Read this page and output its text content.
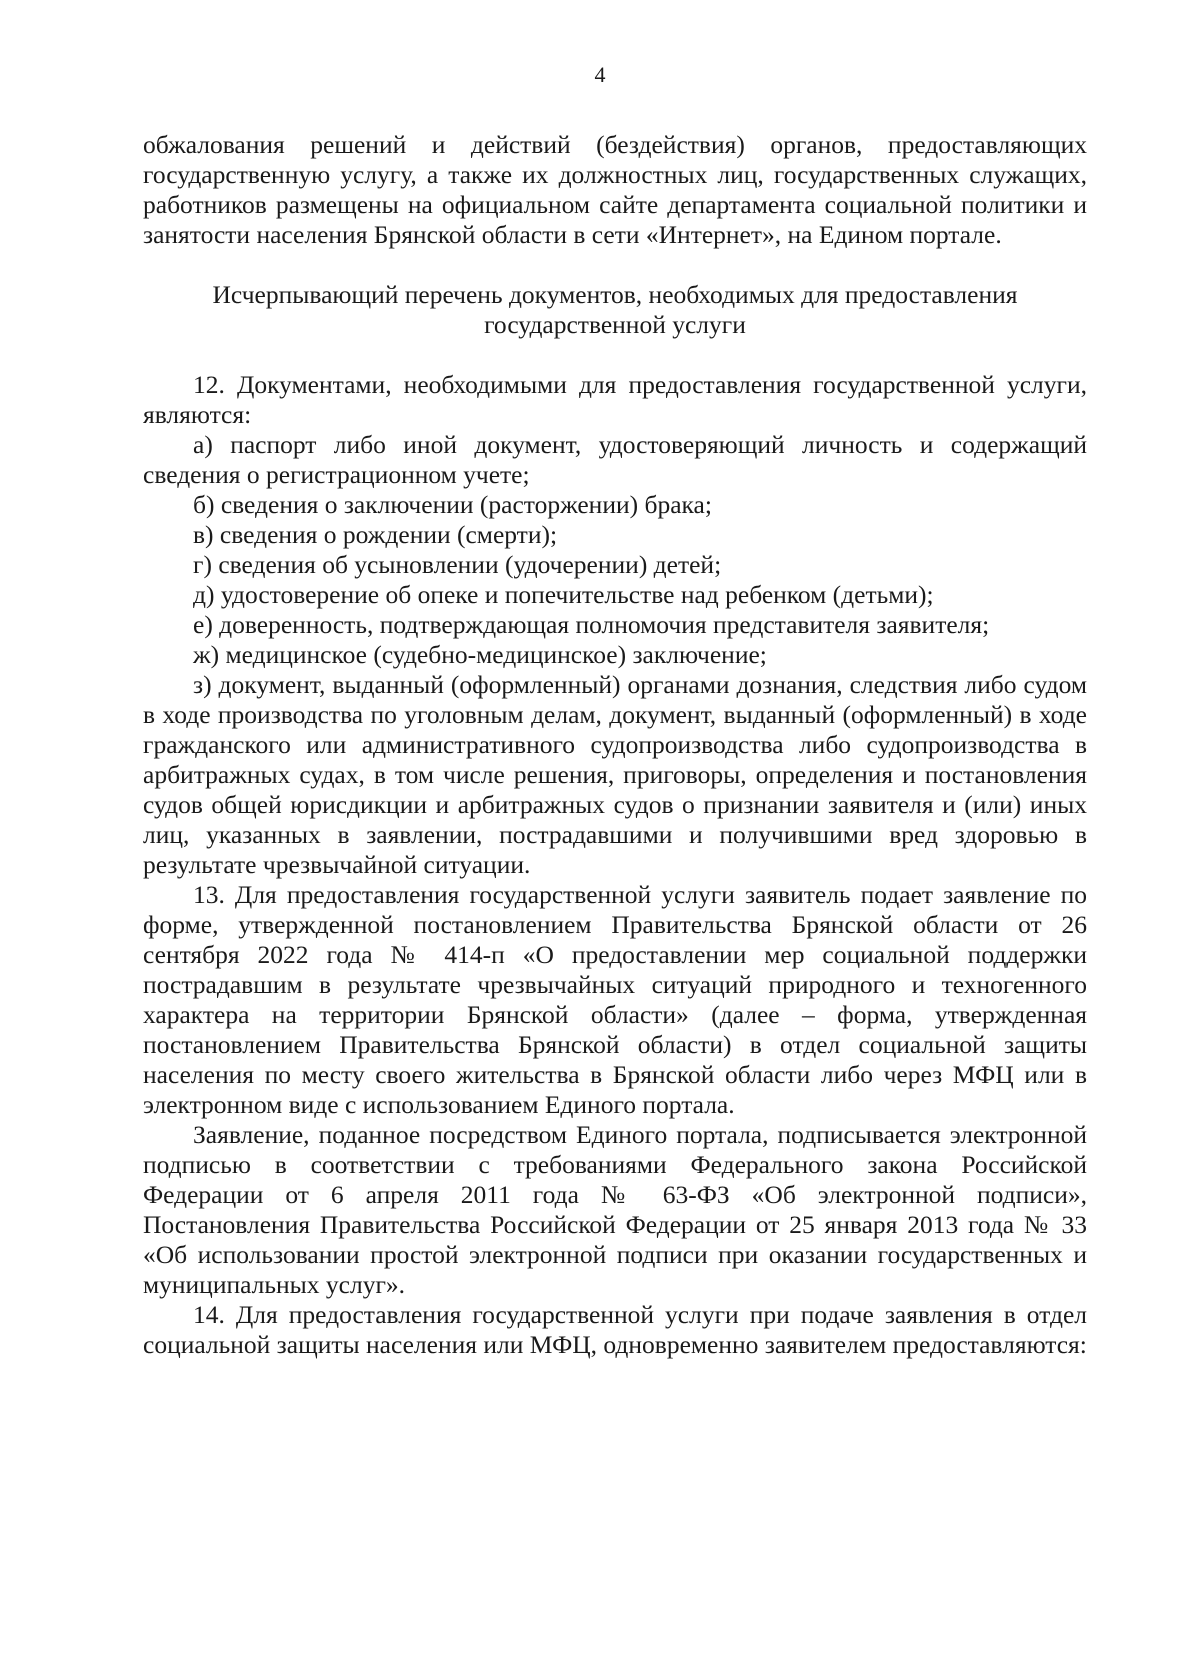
4

обжалования решений и действий (бездействия) органов, предоставляющих государственную услугу, а также их должностных лиц, государственных служащих, работников размещены на официальном сайте департамента социальной политики и занятости населения Брянской области в сети «Интернет», на Едином портале.

Исчерпывающий перечень документов, необходимых для предоставления
государственной услуги

12. Документами, необходимыми для предоставления государственной услуги, являются:

а) паспорт либо иной документ, удостоверяющий личность и содержащий сведения о регистрационном учете;

б) сведения о заключении (расторжении) брака;

в) сведения о рождении (смерти);

г) сведения об усыновлении (удочерении) детей;

д) удостоверение об опеке и попечительстве над ребенком (детьми);

е) доверенность, подтверждающая полномочия представителя заявителя;

ж) медицинское (судебно-медицинское) заключение;

з) документ, выданный (оформленный) органами дознания, следствия либо судом в ходе производства по уголовным делам, документ, выданный (оформленный) в ходе гражданского или административного судопроизводства либо судопроизводства в арбитражных судах, в том числе решения, приговоры, определения и постановления судов общей юрисдикции и арбитражных судов о признании заявителя и (или) иных лиц, указанных в заявлении, пострадавшими и получившими вред здоровью в результате чрезвычайной ситуации.

13. Для предоставления государственной услуги заявитель подает заявление по форме, утвержденной постановлением Правительства Брянской области от 26 сентября 2022 года № 414-п «О предоставлении мер социальной поддержки пострадавшим в результате чрезвычайных ситуаций природного и техногенного характера на территории Брянской области» (далее – форма, утвержденная постановлением Правительства Брянской области) в отдел социальной защиты населения по месту своего жительства в Брянской области либо через МФЦ или в электронном виде с использованием Единого портала.

Заявление, поданное посредством Единого портала, подписывается электронной подписью в соответствии с требованиями Федерального закона Российской Федерации от 6 апреля 2011 года № 63-ФЗ «Об электронной подписи», Постановления Правительства Российской Федерации от 25 января 2013 года № 33 «Об использовании простой электронной подписи при оказании государственных и муниципальных услуг».

14. Для предоставления государственной услуги при подаче заявления в отдел социальной защиты населения или МФЦ, одновременно заявителем предоставляются:
